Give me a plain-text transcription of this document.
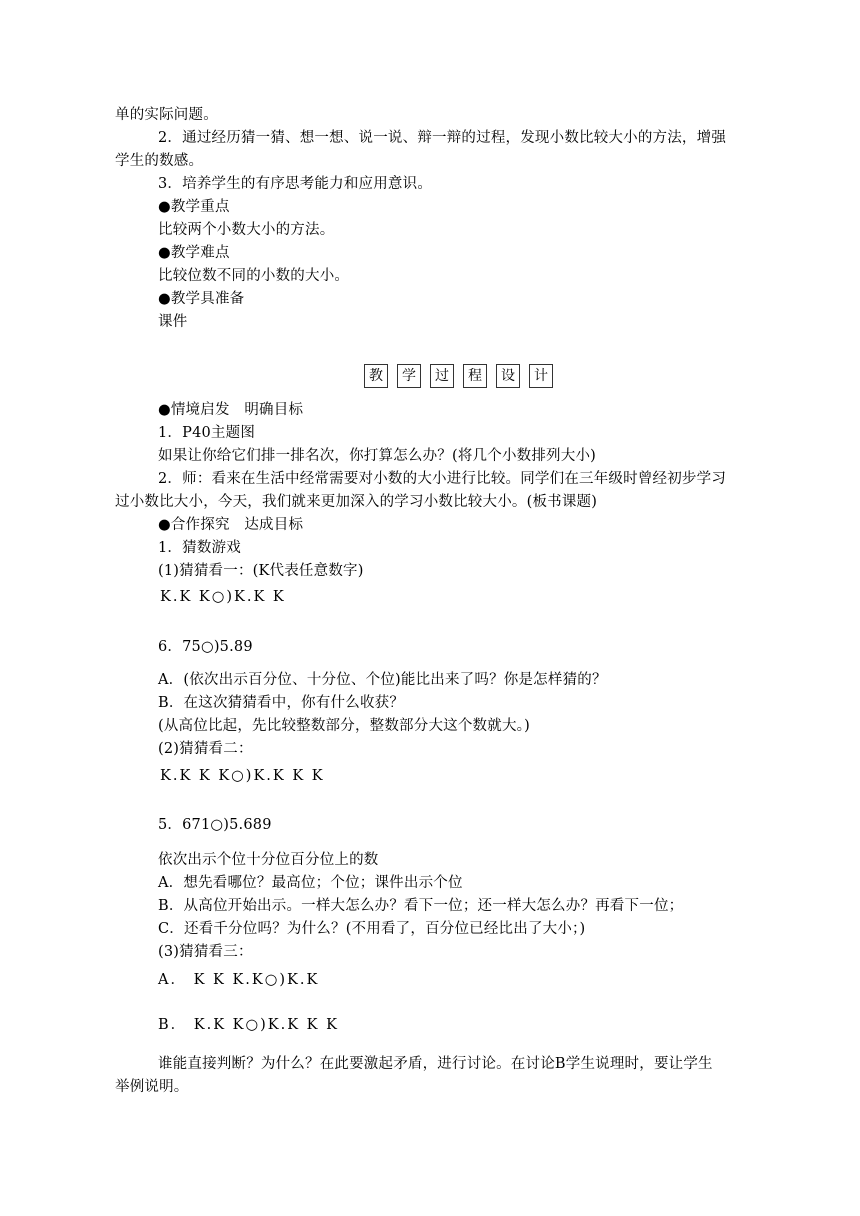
单的实际问题。
2．通过经历猜一猜、想一想、说一说、辩一辩的过程，发现小数比较大小的方法，增强
学生的数感。
3．培养学生的有序思考能力和应用意识。
●教学重点
比较两个小数大小的方法。
●教学难点
比较位数不同的小数的大小。
●教学具准备
课件
教	学	过	程	设	计
●情境启发　明确目标
1．P40主题图
如果让你给它们排一排名次，你打算怎么办？(将几个小数排列大小)
2．师：看来在生活中经常需要对小数的大小进行比较。同学们在三年级时曾经初步学习
过小数比大小，今天，我们就来更加深入的学习小数比较大小。(板书课题)
●合作探究　达成目标
1．猜数游戏
(1)猜猜看一：(K代表任意数字)
K.K K○)K.K K
6．75○)5.89
A．(依次出示百分位、十分位、个位)能比出来了吗？你是怎样猜的？
B．在这次猜猜看中，你有什么收获？
(从高位比起，先比较整数部分，整数部分大这个数就大。)
(2)猜猜看二：
K.K K K○)K.K K K
5．671○)5.689
依次出示个位十分位百分位上的数
A．想先看哪位？最高位；个位；课件出示个位
B．从高位开始出示。一样大怎么办？看下一位；还一样大怎么办？再看下一位；
C．还看千分位吗？为什么？(不用看了，百分位已经比出了大小；)
(3)猜猜看三：
A． K K K.K○)K.K
B． K.K K○)K.K K K
谁能直接判断？为什么？在此要激起矛盾，进行讨论。在讨论B学生说理时，要让学生
举例说明。
